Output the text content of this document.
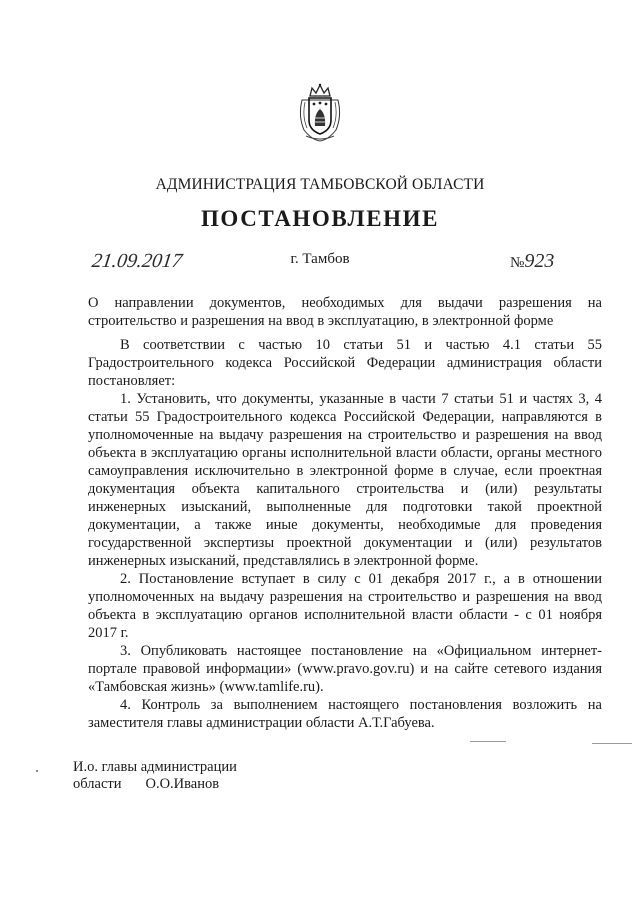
АДМИНИСТРАЦИЯ ТАМБОВСКОЙ ОБЛАСТИ
ПОСТАНОВЛЕНИЕ
21.09.2017	г. Тамбов	№923
О направлении документов, необходимых для выдачи разрешения на строительство и разрешения на ввод в эксплуатацию, в электронной форме

В соответствии с частью 10 статьи 51 и частью 4.1 статьи 55 Градостроительного кодекса Российской Федерации администрация области постановляет:

1. Установить, что документы, указанные в части 7 статьи 51 и частях 3, 4 статьи 55 Градостроительного кодекса Российской Федерации, направляются в уполномоченные на выдачу разрешения на строительство и разрешения на ввод объекта в эксплуатацию органы исполнительной власти области, органы местного самоуправления исключительно в электронной форме в случае, если проектная документация объекта капитального строительства и (или) результаты инженерных изысканий, выполненные для подготовки такой проектной документации, а также иные документы, необходимые для проведения государственной экспертизы проектной документации и (или) результатов инженерных изысканий, представлялись в электронной форме.

2. Постановление вступает в силу с 01 декабря 2017 г., а в отношении уполномоченных на выдачу разрешения на строительство и разрешения на ввод объекта в эксплуатацию органов исполнительной власти области - с 01 ноября 2017 г.

3. Опубликовать настоящее постановление на «Официальном интернет-портале правовой информации» (www.pravo.gov.ru) и на сайте сетевого издания «Тамбовская жизнь» (www.tamlife.ru).

4. Контроль за выполнением настоящего постановления возложить на заместителя главы администрации области А.Т.Габуева.

И.о. главы администрации
области О.О.Иванов
